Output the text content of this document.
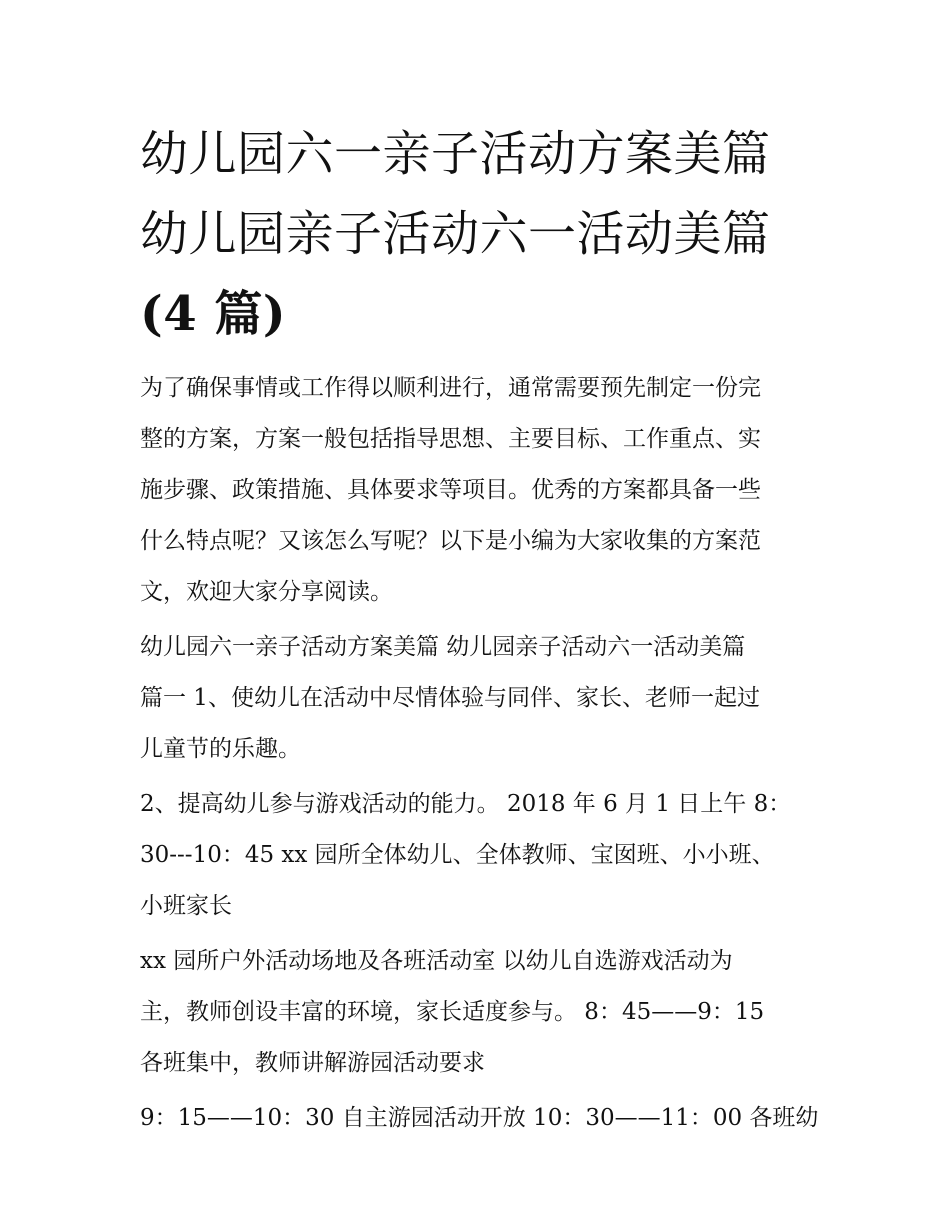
幼儿园六一亲子活动方案美篇
幼儿园亲子活动六一活动美篇
(4 篇)

为了确保事情或工作得以顺利进行，通常需要预先制定一份完
整的方案，方案一般包括指导思想、主要目标、工作重点、实
施步骤、政策措施、具体要求等项目。优秀的方案都具备一些
什么特点呢？又该怎么写呢？以下是小编为大家收集的方案范
文，欢迎大家分享阅读。

幼儿园六一亲子活动方案美篇 幼儿园亲子活动六一活动美篇
篇一 1、使幼儿在活动中尽情体验与同伴、家长、老师一起过
儿童节的乐趣。

2、提高幼儿参与游戏活动的能力。 2018 年 6 月 1 日上午 8：
30---10：45 xx 园所全体幼儿、全体教师、宝囡班、小小班、
小班家长

xx 园所户外活动场地及各班活动室 以幼儿自选游戏活动为
主，教师创设丰富的环境，家长适度参与。 8：45——9：15
各班集中，教师讲解游园活动要求

9：15——10：30 自主游园活动开放 10：30——11：00 各班幼
